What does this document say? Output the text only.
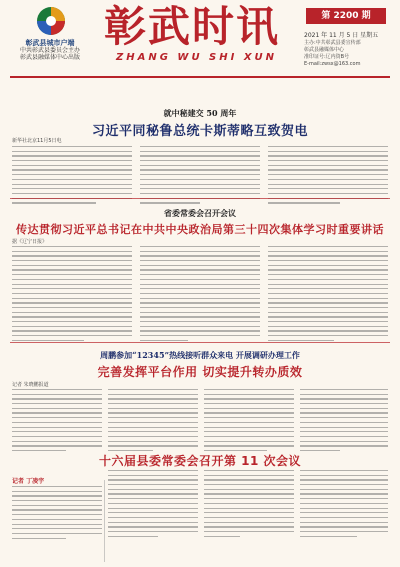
彰武县城市户端
中共彰武县委员会主办
彰武县融媒体中心出版
彰武时讯
ZHANG WU SHI XUN
第 2200 期
2021 年 11 月 5 日 星期五
主办:中共彰武县委宣传部
彰武县融媒体中心
准印证号:辽内资B号
E-mail:zwsx@163.com
就中秘建交 50 周年
习近平同秘鲁总统卡斯蒂略互致贺电
新华社北京11月5日电
省委常委会召开会议
传达贯彻习近平总书记在中共中央政治局第三十四次集体学习时重要讲话
据《辽宁日报》
周鹏参加“12345”热线接听群众来电 开展调研办理工作
完善发挥平台作用 切实提升转办质效
记者 朱晓鹏报道
十六届县委常委会召开第 11 次会议
记者 丁凌宇
